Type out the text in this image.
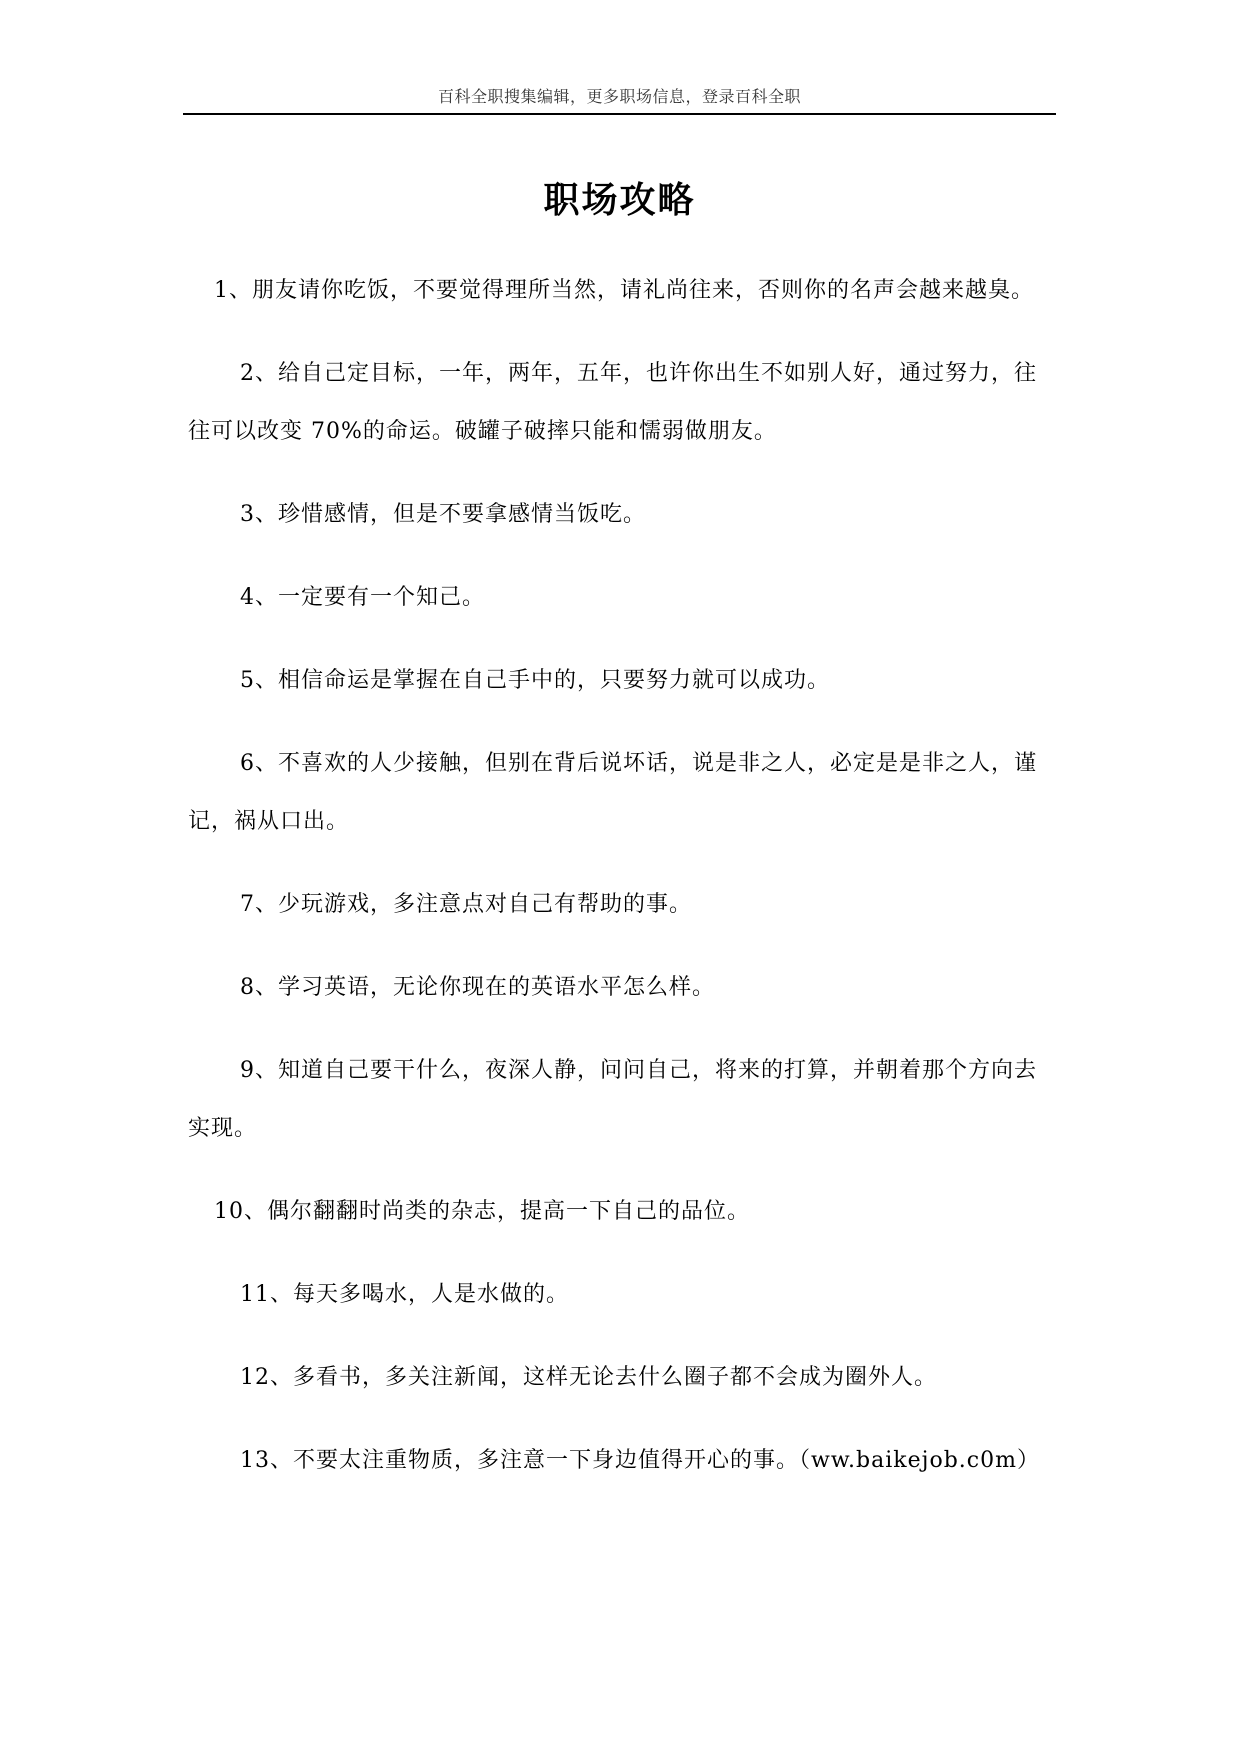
百科全职搜集编辑，更多职场信息，登录百科全职
职场攻略

1、朋友请你吃饭，不要觉得理所当然，请礼尚往来，否则你的名声会越来越臭。

2、给自己定目标，一年，两年，五年，也许你出生不如别人好，通过努力，往往可以改变 70%的命运。破罐子破摔只能和懦弱做朋友。

3、珍惜感情，但是不要拿感情当饭吃。

4、一定要有一个知己。

5、相信命运是掌握在自己手中的，只要努力就可以成功。

6、不喜欢的人少接触，但别在背后说坏话，说是非之人，必定是是非之人，谨记，祸从口出。

7、少玩游戏，多注意点对自己有帮助的事。

8、学习英语，无论你现在的英语水平怎么样。

9、知道自己要干什么，夜深人静，问问自己，将来的打算，并朝着那个方向去实现。

10、偶尔翻翻时尚类的杂志，提高一下自己的品位。

11、每天多喝水，人是水做的。

12、多看书，多关注新闻，这样无论去什么圈子都不会成为圈外人。

13、不要太注重物质，多注意一下身边值得开心的事。（ww.baikejob.c0m）
